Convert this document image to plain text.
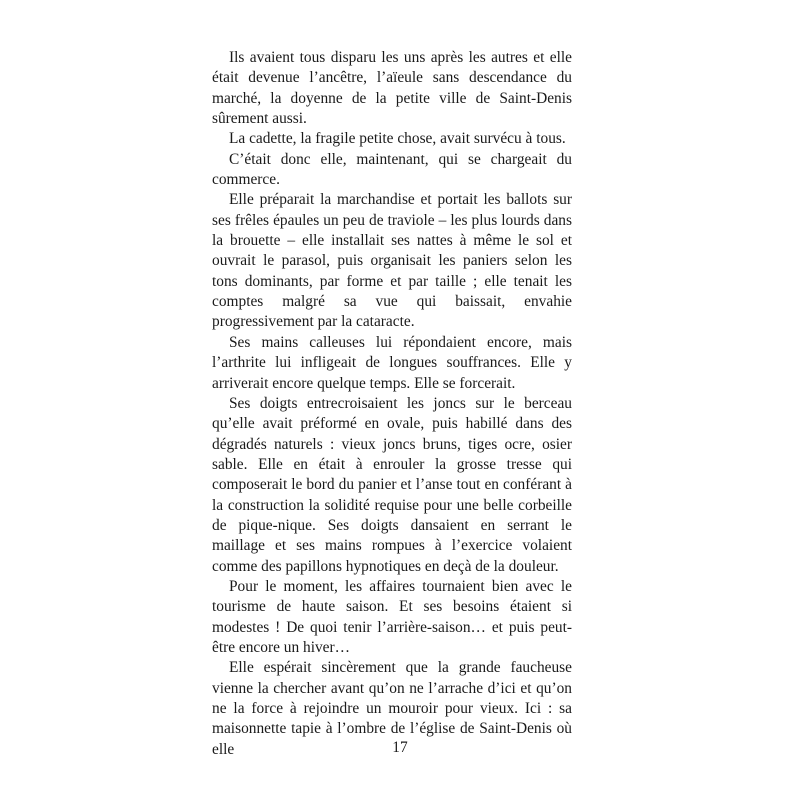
Ils avaient tous disparu les uns après les autres et elle était devenue l’ancêtre, l’aïeule sans descendance du marché, la doyenne de la petite ville de Saint-Denis sûrement aussi.

La cadette, la fragile petite chose, avait survécu à tous.

C’était donc elle, maintenant, qui se chargeait du commerce.

Elle préparait la marchandise et portait les ballots sur ses frêles épaules un peu de traviole – les plus lourds dans la brouette – elle installait ses nattes à même le sol et ouvrait le parasol, puis organisait les paniers selon les tons dominants, par forme et par taille ; elle tenait les comptes malgré sa vue qui baissait, envahie progressivement par la cataracte.

Ses mains calleuses lui répondaient encore, mais l’arthrite lui infligeait de longues souffrances. Elle y arriverait encore quelque temps. Elle se forcerait.

Ses doigts entrecroisaient les joncs sur le berceau qu’elle avait préformé en ovale, puis habillé dans des dégradés naturels : vieux joncs bruns, tiges ocre, osier sable. Elle en était à enrouler la grosse tresse qui composerait le bord du panier et l’anse tout en conférant à la construction la solidité requise pour une belle corbeille de pique-nique. Ses doigts dansaient en serrant le maillage et ses mains rompues à l’exercice volaient comme des papillons hypnotiques en deçà de la douleur.

Pour le moment, les affaires tournaient bien avec le tourisme de haute saison. Et ses besoins étaient si modestes ! De quoi tenir l’arrière-saison… et puis peut-être encore un hiver…

Elle espérait sincèrement que la grande faucheuse vienne la chercher avant qu’on ne l’arrache d’ici et qu’on ne la force à rejoindre un mouroir pour vieux. Ici : sa maisonnette tapie à l’ombre de l’église de Saint-Denis où elle	17
